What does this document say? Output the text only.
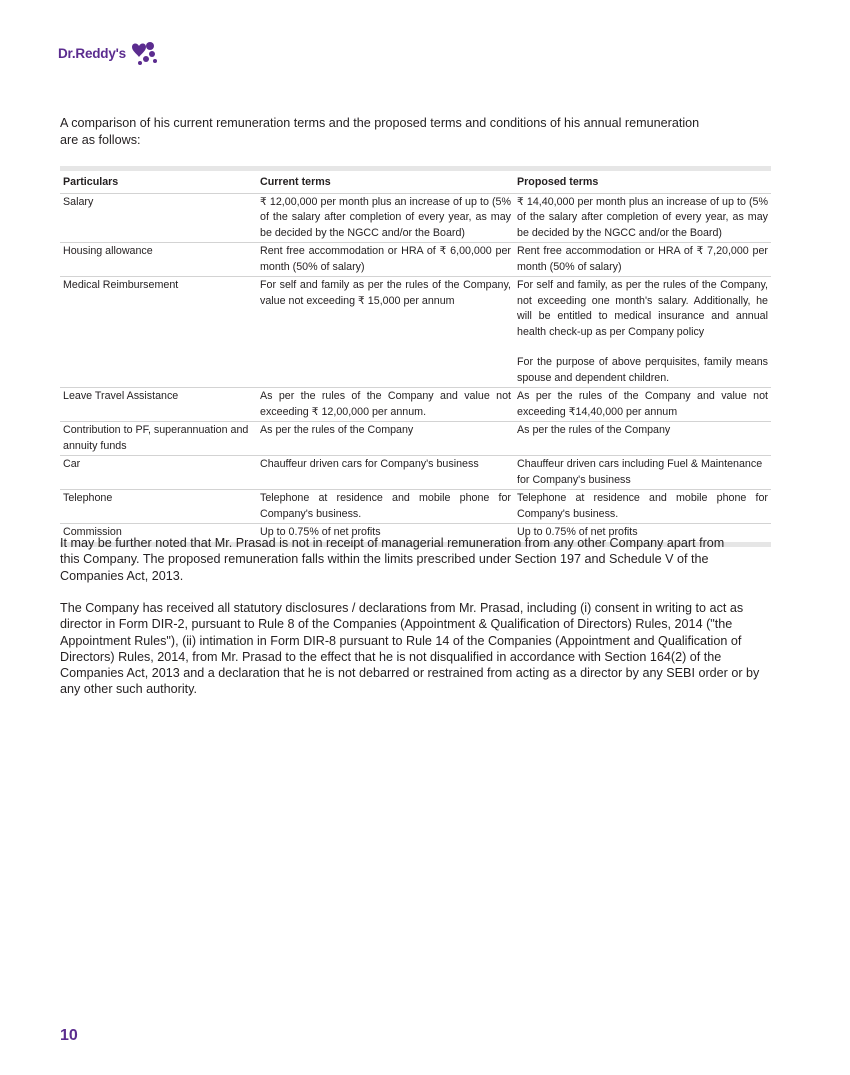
Dr.Reddy's

A comparison of his current remuneration terms and the proposed terms and conditions of his annual remuneration are as follows:

Particulars	Current terms	Proposed terms
Salary	₹ 12,00,000 per month plus an increase of up to (5% of the salary after completion of every year, as may be decided by the NGCC and/or the Board)	₹ 14,40,000 per month plus an increase of up to (5% of the salary after completion of every year, as may be decided by the NGCC and/or the Board)
Housing allowance	Rent free accommodation or HRA of ₹ 6,00,000 per month (50% of salary)	Rent free accommodation or HRA of ₹ 7,20,000 per month (50% of salary)
Medical Reimbursement	For self and family as per the rules of the Company, value not exceeding ₹ 15,000 per annum	For self and family, as per the rules of the Company, not exceeding one month's salary. Additionally, he will be entitled to medical insurance and annual health check-up as per Company policy
For the purpose of above perquisites, family means spouse and dependent children.

Leave Travel Assistance	As per the rules of the Company and value not exceeding ₹ 12,00,000 per annum.	As per the rules of the Company and value not exceeding ₹14,40,000 per annum
Contribution to PF, superannuation and annuity funds	As per the rules of the Company	As per the rules of the Company
Car	Chauffeur driven cars for Company's business	Chauffeur driven cars including Fuel & Maintenance for Company's business
Telephone	Telephone at residence and mobile phone for Company's business.	Telephone at residence and mobile phone for Company's business.
Commission	Up to 0.75% of net profits	Up to 0.75% of net profits

It may be further noted that Mr. Prasad is not in receipt of managerial remuneration from any other Company apart from this Company. The proposed remuneration falls within the limits prescribed under Section 197 and Schedule V of the Companies Act, 2013.

The Company has received all statutory disclosures / declarations from Mr. Prasad, including (i) consent in writing to act as director in Form DIR-2, pursuant to Rule 8 of the Companies (Appointment & Qualification of Directors) Rules, 2014 ("the Appointment Rules"), (ii) intimation in Form DIR-8 pursuant to Rule 14 of the Companies (Appointment and Qualification of Directors) Rules, 2014, from Mr. Prasad to the effect that he is not disqualified in accordance with Section 164(2) of the Companies Act, 2013 and a declaration that he is not debarred or restrained from acting as a director by any SEBI order or by any other such authority.

10
